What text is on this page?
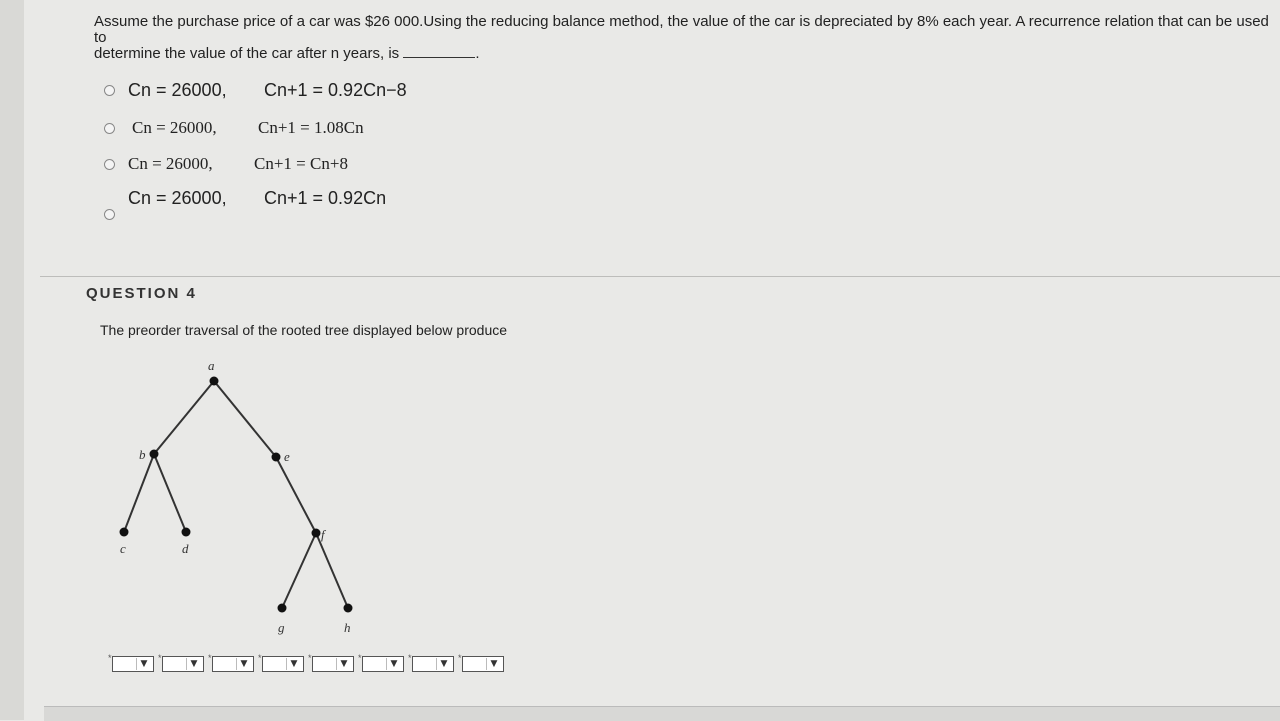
Assume the purchase price of a car was $26 000.Using the reducing balance method, the value of the car is depreciated by 8% each year. A recurrence relation that can be used to
determine the value of the car after n years, is	.
Cn = 26000, Cn+1 = 0.92Cn−8
Cn = 26000, Cn+1 = 1.08Cn
Cn = 26000, Cn+1 = Cn+8
Cn = 26000, Cn+1 = 0.92Cn
QUESTION 4
The preorder traversal of the rooted tree displayed below produce
a
b	e
c	d
f
g	h
*
▼
*
▼
*
▼
*
▼
*
▼
*
▼
*
▼
*
▼
